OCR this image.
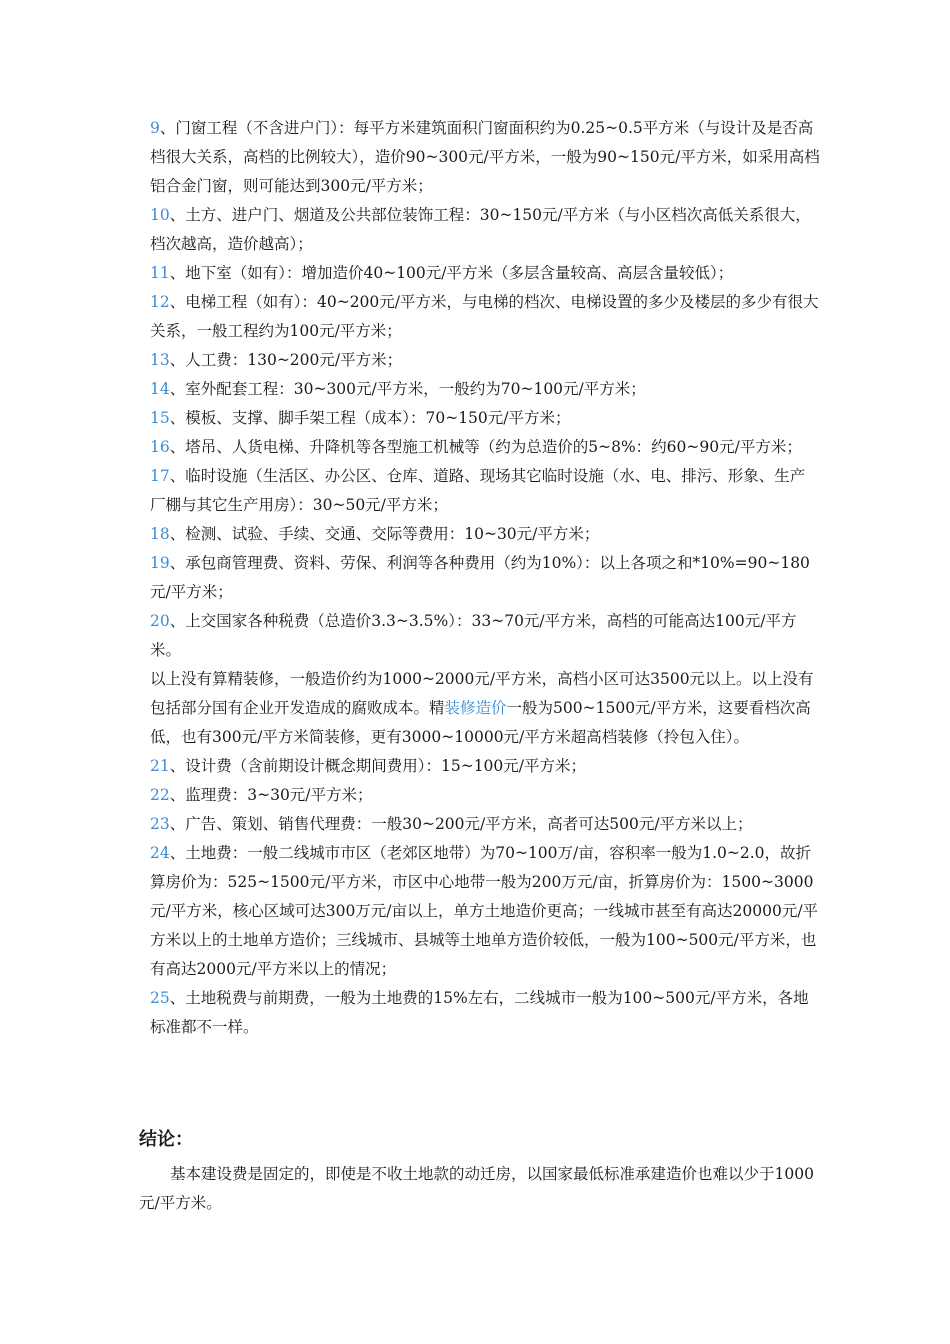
9、门窗工程（不含进户门）：每平方米建筑面积门窗面积约为0.25~0.5平方米（与设计及是否高档很大关系，高档的比例较大），造价90~300元/平方米，一般为90~150元/平方米，如采用高档铝合金门窗，则可能达到300元/平方米；

10、土方、进户门、烟道及公共部位装饰工程：30~150元/平方米（与小区档次高低关系很大，档次越高，造价越高）；

11、地下室（如有）：增加造价40~100元/平方米（多层含量较高、高层含量较低）；

12、电梯工程（如有）：40~200元/平方米，与电梯的档次、电梯设置的多少及楼层的多少有很大关系，一般工程约为100元/平方米；

13、人工费：130~200元/平方米；

14、室外配套工程：30~300元/平方米，一般约为70~100元/平方米；

15、模板、支撑、脚手架工程（成本）：70~150元/平方米；

16、塔吊、人货电梯、升降机等各型施工机械等（约为总造价的5~8%：约60~90元/平方米；

17、临时设施（生活区、办公区、仓库、道路、现场其它临时设施（水、电、排污、形象、生产厂棚与其它生产用房）：30~50元/平方米；

18、检测、试验、手续、交通、交际等费用：10~30元/平方米；

19、承包商管理费、资料、劳保、利润等各种费用（约为10%）：以上各项之和*10%=90~180元/平方米；

20、上交国家各种税费（总造价3.3~3.5%）：33~70元/平方米，高档的可能高达100元/平方米。

以上没有算精装修，一般造价约为1000~2000元/平方米，高档小区可达3500元以上。以上没有包括部分国有企业开发造成的腐败成本。精装修造价一般为500~1500元/平方米，这要看档次高低，也有300元/平方米简装修，更有3000~10000元/平方米超高档装修（拎包入住）。

21、设计费（含前期设计概念期间费用）：15~100元/平方米；

22、监理费：3~30元/平方米；

23、广告、策划、销售代理费：一般30~200元/平方米，高者可达500元/平方米以上；

24、土地费：一般二线城市市区（老郊区地带）为70~100万/亩，容积率一般为1.0~2.0，故折算房价为：525~1500元/平方米，市区中心地带一般为200万元/亩，折算房价为：1500~3000元/平方米，核心区域可达300万元/亩以上，单方土地造价更高；一线城市甚至有高达20000元/平方米以上的土地单方造价；三线城市、县城等土地单方造价较低，一般为100~500元/平方米，也有高达2000元/平方米以上的情况；

25、土地税费与前期费，一般为土地费的15%左右，二线城市一般为100~500元/平方米，各地标准都不一样。

结论：

基本建设费是固定的，即使是不收土地款的动迁房，以国家最低标准承建造价也难以少于1000元/平方米。
